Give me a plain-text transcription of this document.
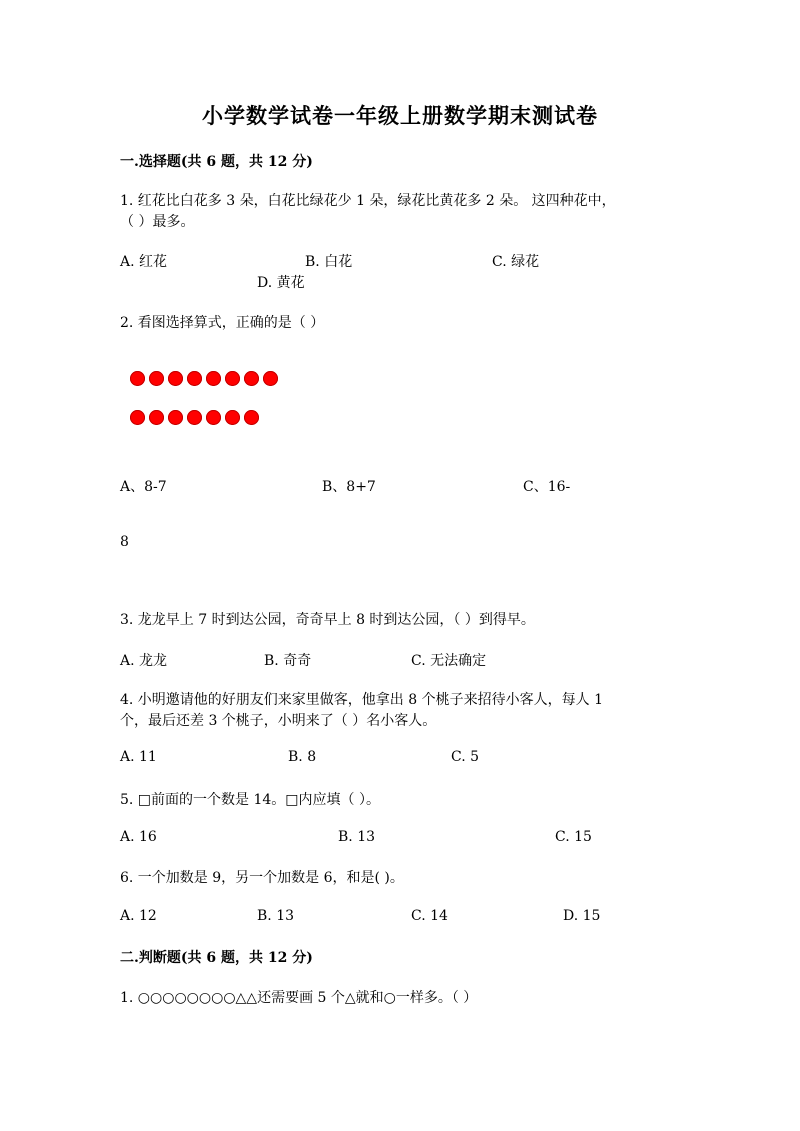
小学数学试卷一年级上册数学期末测试卷
一.选择题(共 6 题，共 12 分)
1. 红花比白花多 3 朵，白花比绿花少 1 朵，绿花比黄花多 2 朵。 这四种花中，
（ ）最多。
A. 红花	B. 白花	C. 绿花
D. 黄花
2. 看图选择算式，正确的是（ ）
A、8-7	B、8+7	C、16-
8
3. 龙龙早上 7 时到达公园，奇奇早上 8 时到达公园，（ ）到得早。
A. 龙龙	B. 奇奇	C. 无法确定
4. 小明邀请他的好朋友们来家里做客，他拿出 8 个桃子来招待小客人，每人 1
个，最后还差 3 个桃子，小明来了（ ）名小客人。
A. 11	B. 8	C. 5
5. □前面的一个数是 14。□内应填（ ）。
A. 16	B. 13	C. 15
6. 一个加数是 9，另一个加数是 6，和是( )。
A. 12	B. 13	C. 14	D. 15
二.判断题(共 6 题，共 12 分)
1. ○○○○○○○○△△还需要画 5 个△就和○一样多。（ ）
